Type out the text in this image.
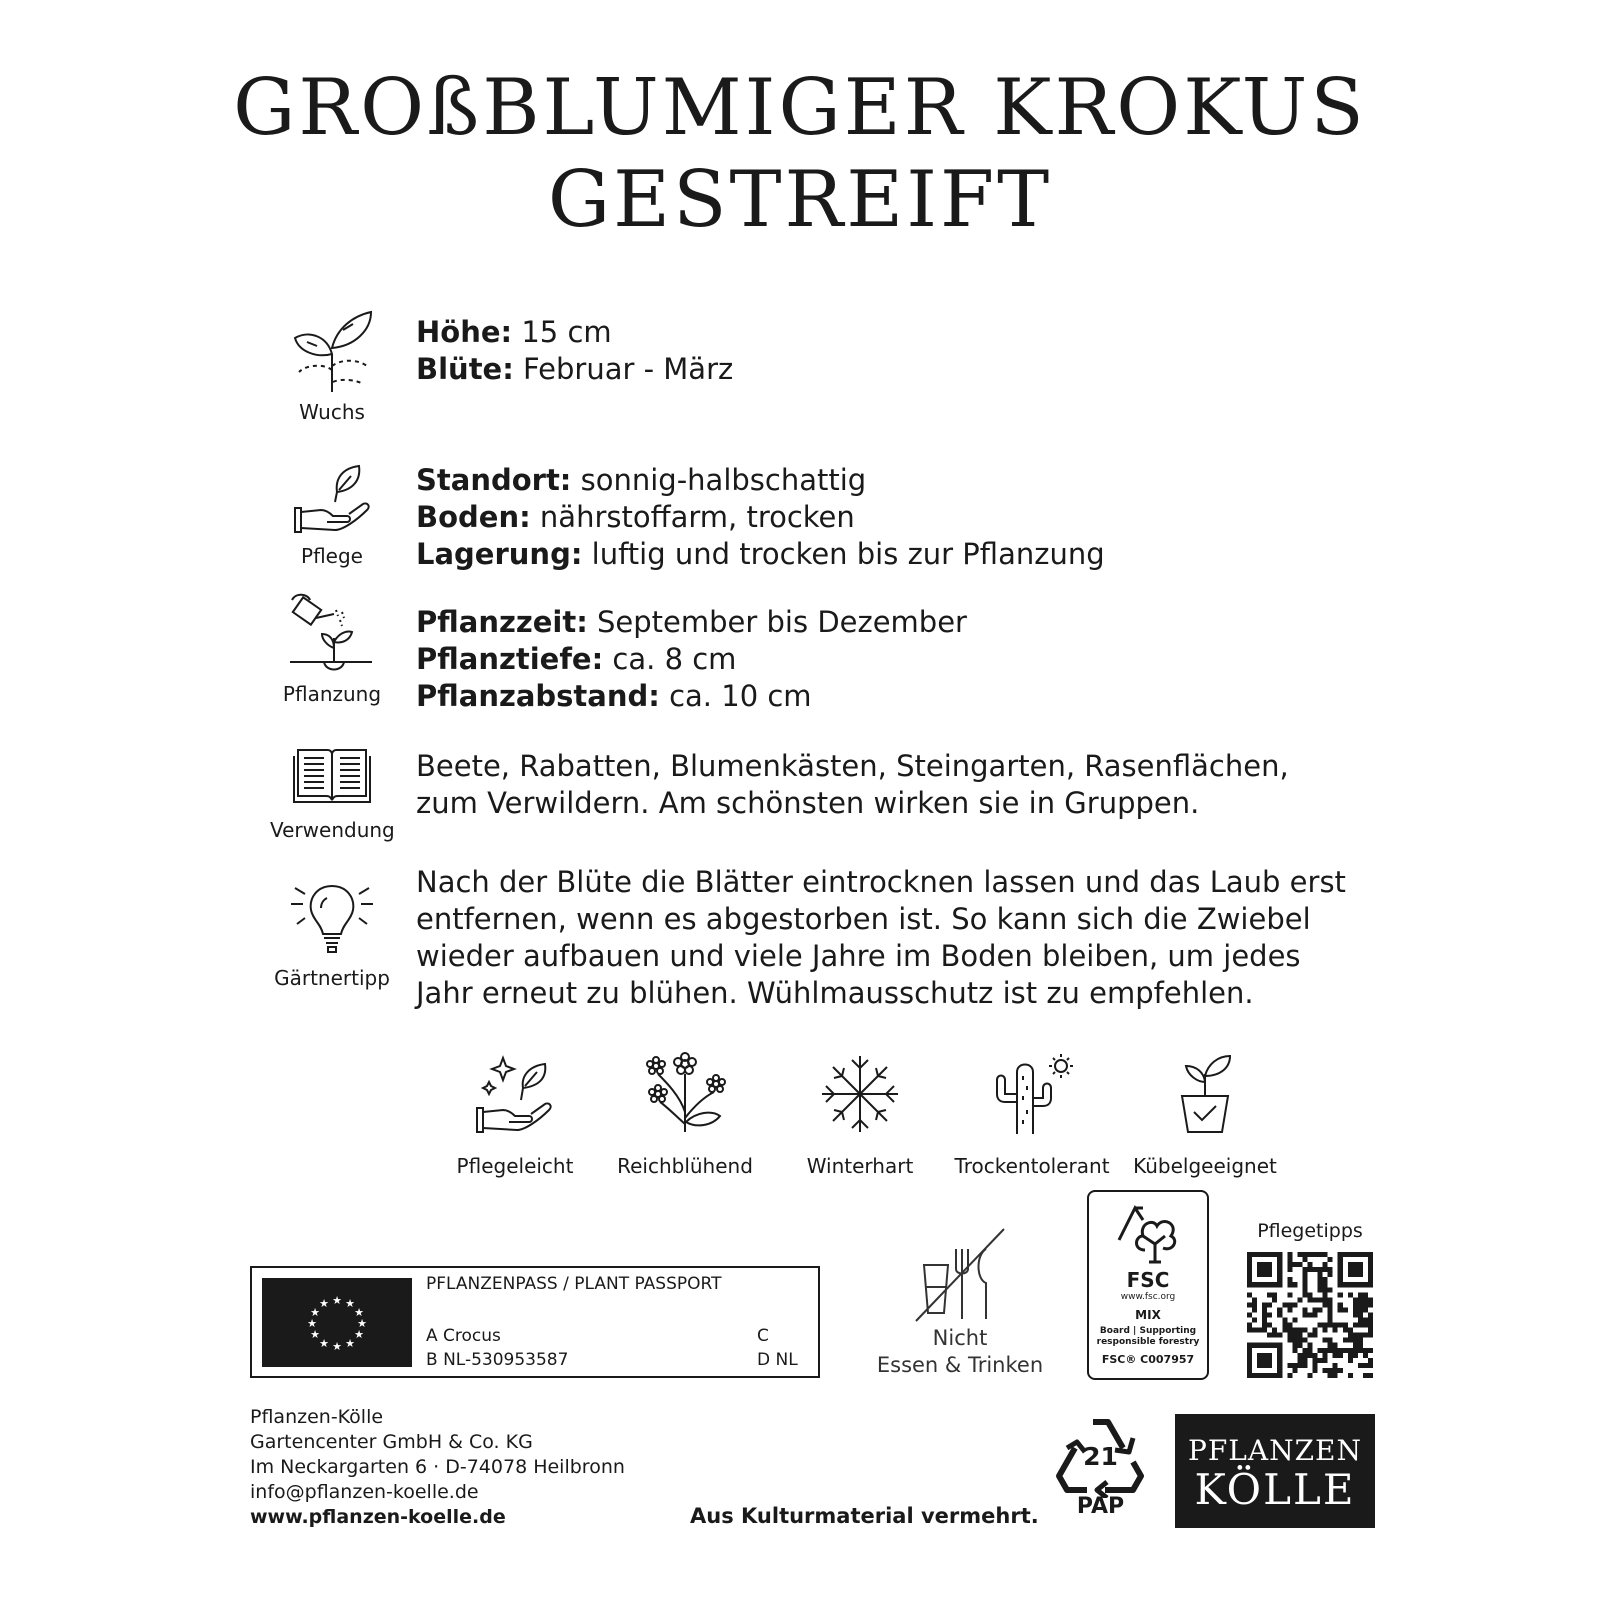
GROßBLUMIGER KROKUS
GESTREIFT
Wuchs
Höhe: 15 cm
Blüte: Februar - März
Pflege
Standort: sonnig-halbschattig
Boden: nährstoffarm, trocken
Lagerung: luftig und trocken bis zur Pflanzung
Pflanzung
Pflanzzeit: September bis Dezember
Pflanztiefe: ca. 8 cm
Pflanzabstand: ca. 10 cm
Verwendung
Beete, Rabatten, Blumenkästen, Steingarten, Rasenflächen, zum Verwildern. Am schönsten wirken sie in Gruppen.
Gärtnertipp
Nach der Blüte die Blätter eintrocknen lassen und das Laub erst entfernen, wenn es abgestorben ist. So kann sich die Zwiebel wieder aufbauen und viele Jahre im Boden bleiben, um jedes Jahr erneut zu blühen. Wühlmausschutz ist zu empfehlen.
Pflegeleicht	Reichblühend	Winterhart	Trockentolerant	Kübelgeeignet
★ ★
★
★
★
★
★
★
★
★
★
★
PFLANZENPASS / PLANT PASSPORT
A Crocus
B NL-530953587
C
D NL
Nicht
Essen & Trinken
FSC
www.fsc.org
MIX
Board | Supporting
responsible forestry
FSC® C007957
Pflegetipps
Pflanzen-Kölle
Gartencenter GmbH & Co. KG
Im Neckargarten 6 · D-74078 Heilbronn
info@pflanzen-koelle.de
www.pflanzen-koelle.de	Aus Kulturmaterial vermehrt.
21
PAP
PFLANZEN
KÖLLE
